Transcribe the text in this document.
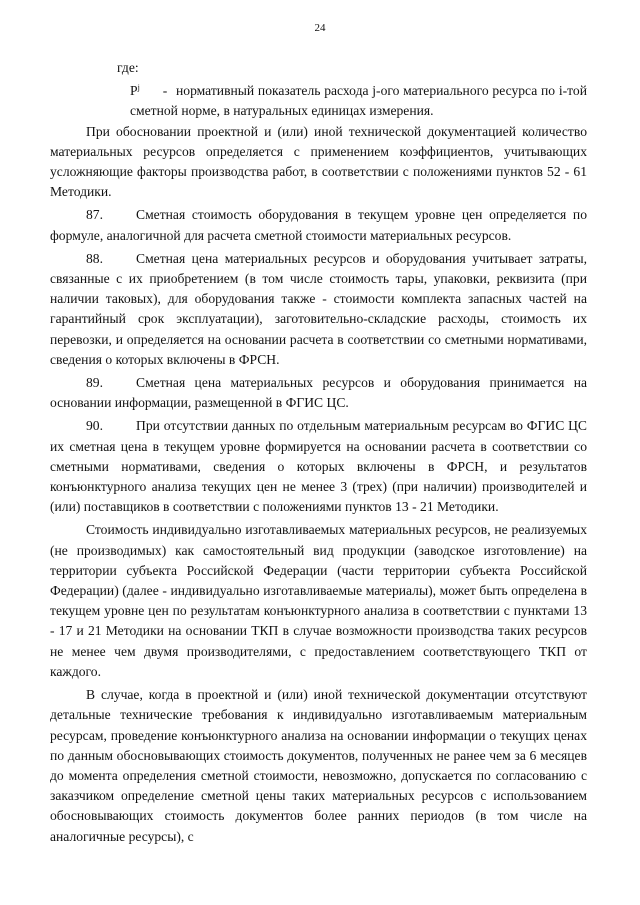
24

где:

$P^j$ - нормативный показатель расхода j-ого материального ресурса по i-той сметной норме, в натуральных единицах измерения.

При обосновании проектной и (или) иной технической документацией количество материальных ресурсов определяется с применением коэффициентов, учитывающих усложняющие факторы производства работ, в соответствии с положениями пунктов 52 - 61 Методики.

87. Сметная стоимость оборудования в текущем уровне цен определяется по формуле, аналогичной для расчета сметной стоимости материальных ресурсов.

88. Сметная цена материальных ресурсов и оборудования учитывает затраты, связанные с их приобретением (в том числе стоимость тары, упаковки, реквизита (при наличии таковых), для оборудования также - стоимости комплекта запасных частей на гарантийный срок эксплуатации), заготовительно-складские расходы, стоимость их перевозки, и определяется на основании расчета в соответствии со сметными нормативами, сведения о которых включены в ФРСН.

89. Сметная цена материальных ресурсов и оборудования принимается на основании информации, размещенной в ФГИС ЦС.

90. При отсутствии данных по отдельным материальным ресурсам во ФГИС ЦС их сметная цена в текущем уровне формируется на основании расчета в соответствии со сметными нормативами, сведения о которых включены в ФРСН, и результатов конъюнктурного анализа текущих цен не менее 3 (трех) (при наличии) производителей и (или) поставщиков в соответствии с положениями пунктов 13 - 21 Методики.

Стоимость индивидуально изготавливаемых материальных ресурсов, не реализуемых (не производимых) как самостоятельный вид продукции (заводское изготовление) на территории субъекта Российской Федерации (части территории субъекта Российской Федерации) (далее - индивидуально изготавливаемые материалы), может быть определена в текущем уровне цен по результатам конъюнктурного анализа в соответствии с пунктами 13 - 17 и 21 Методики на основании ТКП в случае возможности производства таких ресурсов не менее чем двумя производителями, с предоставлением соответствующего ТКП от каждого.

В случае, когда в проектной и (или) иной технической документации отсутствуют детальные технические требования к индивидуально изготавливаемым материальным ресурсам, проведение конъюнктурного анализа на основании информации о текущих ценах по данным обосновывающих стоимость документов, полученных не ранее чем за 6 месяцев до момента определения сметной стоимости, невозможно, допускается по согласованию с заказчиком определение сметной цены таких материальных ресурсов с использованием обосновывающих стоимость документов более ранних периодов (в том числе на аналогичные ресурсы), с
